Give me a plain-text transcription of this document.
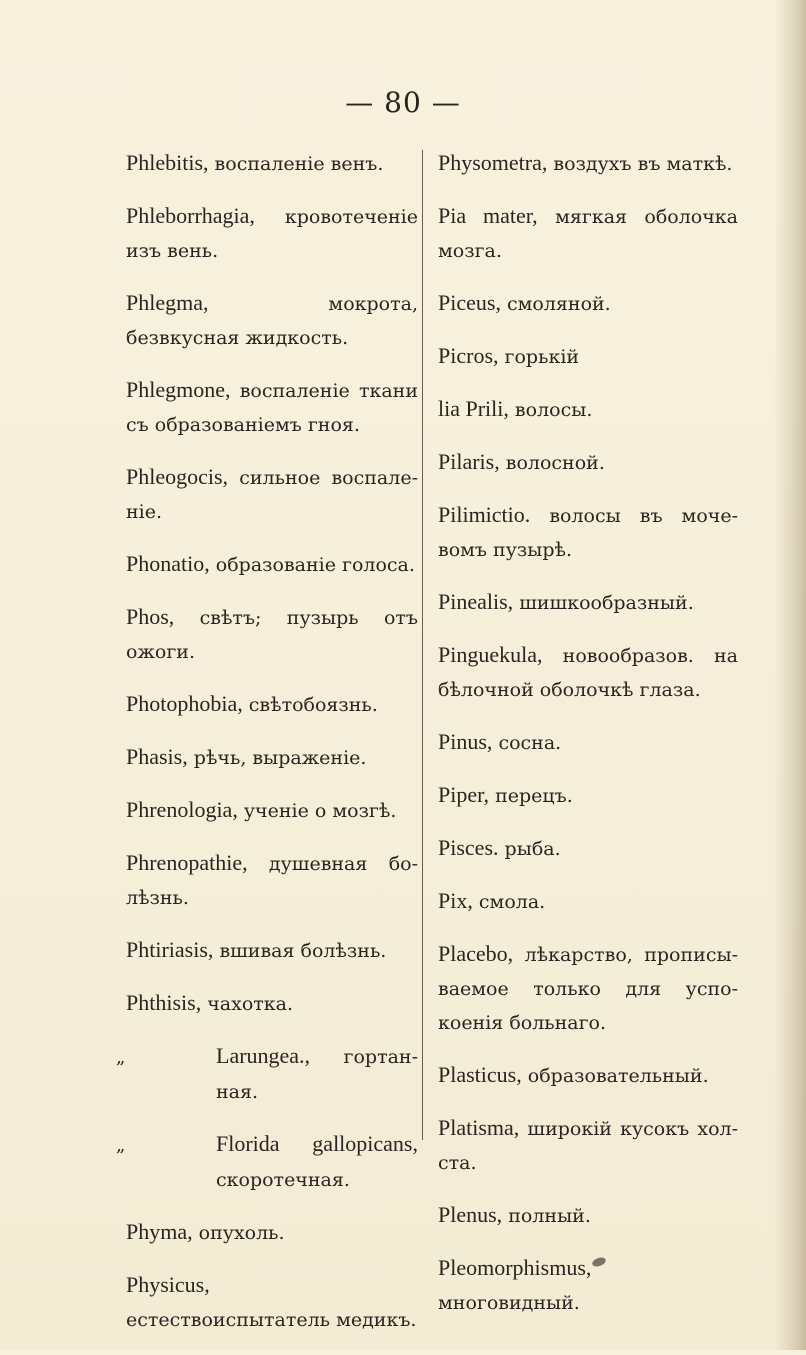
— 80 —
Phlebitis, воспаленіе венъ.
Phleborrhagia, кровотеченіе изъ вень.
Phlegma, мокрота, безвкусная жидкость.
Phlegmone, воспаленіе ткани съ образованіемъ гноя.
Phleogocis, сильное воспале-ніе.
Phonatio, образованіе голоса.
Phos, свѣтъ; пузырь отъ ожоги.
Photophobia, свѣтобоязнь.
Phasis, рѣчь, выраженіе.
Phrenologia, ученіе о мозгѣ.
Phrenopathie, душевная бо-лѣзнь.
Phtiriasis, вшивая болѣзнь.
Phthisis, чахотка.
„	Larungea., гортан-ная.
„	Florida gallopicans, скоротечная.
Phyma, опухоль.
Physicus, естествоиспытатель медикъ.
Physometra, воздухъ въ маткѣ.
Pia mater, мягкая оболочка мозга.
Piceus, смоляной.
Picros, горькій
lia Prili, волосы.
Pilaris, волосной.
Pilimictio. волосы въ моче-вомъ пузырѣ.
Pinealis, шишкообразный.
Pinguekula, новообразов. на бѣлочной оболочкѣ глаза.
Pinus, сосна.
Piper, перецъ.
Pisces. рыба.
Pix, смола.
Placebo, лѣкарство, прописы-ваемое только для успо-коенія больнаго.
Plasticus, образовательный.
Platisma, широкій кусокъ хол-ста.
Plenus, полный.
Pleomorphismus, многовидный.
